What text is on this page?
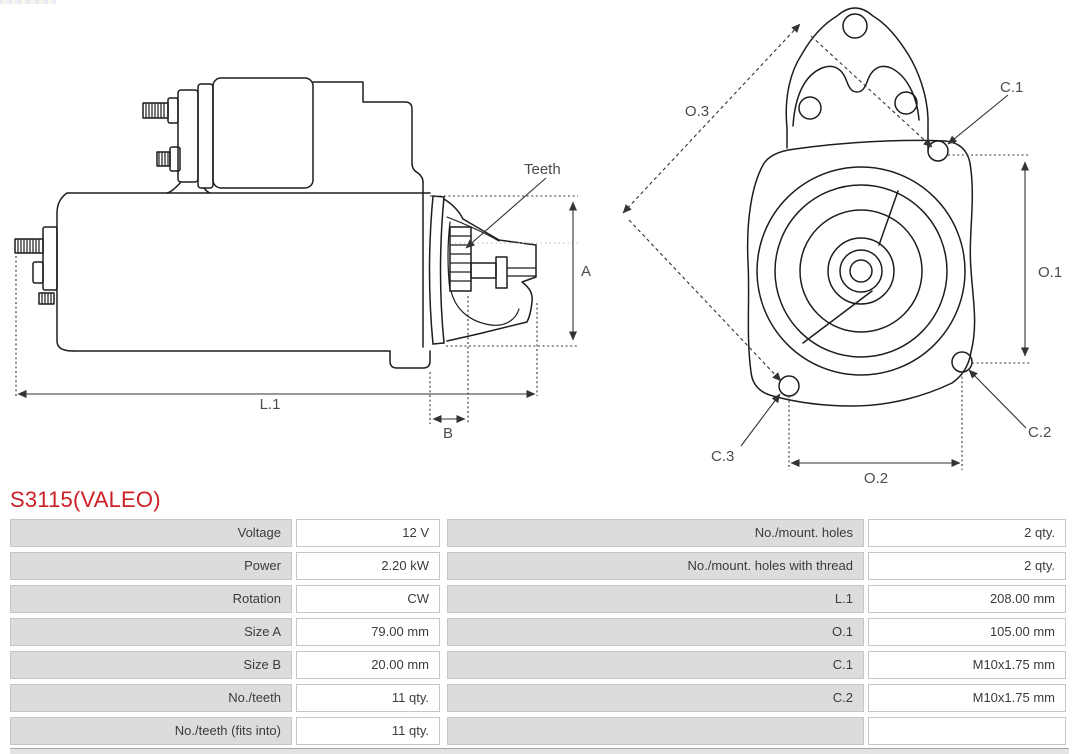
Teeth
A
L.1
B
O.3
C.1
O.1
O.2
C.2
C.3
S3115(VALEO)
Voltage	12 V	No./mount. holes	2 qty.
Power	2.20 kW	No./mount. holes with thread	2 qty.
Rotation	CW	L.1	208.00 mm
Size A	79.00 mm	O.1	105.00 mm
Size B	20.00 mm	C.1	M10x1.75 mm
No./teeth	11 qty.	C.2	M10x1.75 mm
No./teeth (fits into)	11 qty.
